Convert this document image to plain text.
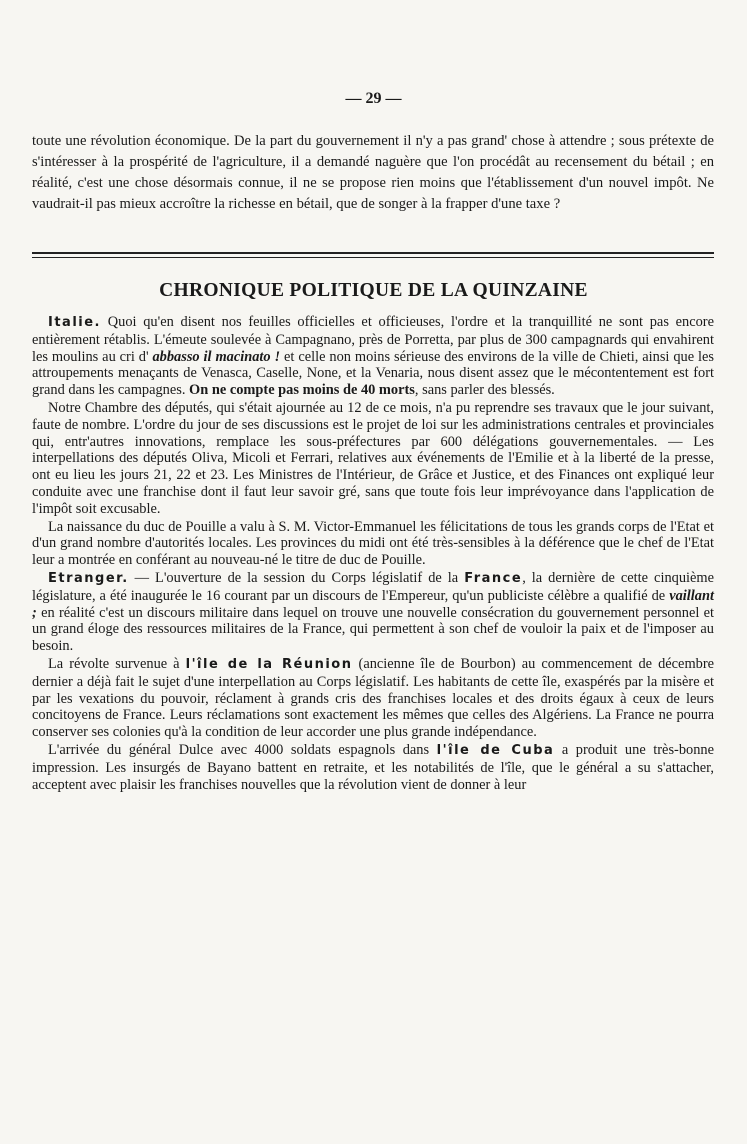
— 29 —
toute une révolution économique. De la part du gouvernement il n'y a pas grand' chose à attendre ; sous prétexte de s'intéresser à la prospérité de l'agriculture, il a demandé naguère que l'on procédât au recensement du bétail ; en réalité, c'est une chose désormais connue, il ne se propose rien moins que l'établissement d'un nouvel impôt. Ne vaudrait-il pas mieux accroître la richesse en bétail, que de songer à la frapper d'une taxe ?
CHRONIQUE POLITIQUE DE LA QUINZAINE

Italie. Quoi qu'en disent nos feuilles officielles et officieuses, l'ordre et la tranquillité ne sont pas encore entièrement rétablis. L'émeute soulevée à Campagnano, près de Porretta, par plus de 300 campagnards qui envahirent les moulins au cri d' abbasso il macinato ! et celle non moins sérieuse des environs de la ville de Chieti, ainsi que les attroupements menaçants de Venasca, Caselle, None, et la Venaria, nous disent assez que le mécontentement est fort grand dans les campagnes. On ne compte pas moins de 40 morts, sans parler des blessés.

Notre Chambre des députés, qui s'était ajournée au 12 de ce mois, n'a pu reprendre ses travaux que le jour suivant, faute de nombre. L'ordre du jour de ses discussions est le projet de loi sur les administrations centrales et provinciales qui, entr'autres innovations, remplace les sous-préfectures par 600 délégations gouvernementales. — Les interpellations des députés Oliva, Micoli et Ferrari, relatives aux événements de l'Emilie et à la liberté de la presse, ont eu lieu les jours 21, 22 et 23. Les Ministres de l'Intérieur, de Grâce et Justice, et des Finances ont expliqué leur conduite avec une franchise dont il faut leur savoir gré, sans que toute fois leur imprévoyance dans l'application de l'impôt soit excusable.

La naissance du duc de Pouille a valu à S. M. Victor-Emmanuel les félicitations de tous les grands corps de l'Etat et d'un grand nombre d'autorités locales. Les provinces du midi ont été très-sensibles à la déférence que le chef de l'Etat leur a montrée en conférant au nouveau-né le titre de duc de Pouille.

Etranger. — L'ouverture de la session du Corps législatif de la France, la dernière de cette cinquième législature, a été inaugurée le 16 courant par un discours de l'Empereur, qu'un publiciste célèbre a qualifié de vaillant ; en réalité c'est un discours militaire dans lequel on trouve une nouvelle consécration du gouvernement personnel et un grand éloge des ressources militaires de la France, qui permettent à son chef de vouloir la paix et de l'imposer au besoin.

La révolte survenue à l'île de la Réunion (ancienne île de Bourbon) au commencement de décembre dernier a déjà fait le sujet d'une interpellation au Corps législatif. Les habitants de cette île, exaspérés par la misère et par les vexations du pouvoir, réclament à grands cris des franchises locales et des droits égaux à ceux de leurs concitoyens de France. Leurs réclamations sont exactement les mêmes que celles des Algériens. La France ne pourra conserver ses colonies qu'à la condition de leur accorder une plus grande indépendance.

L'arrivée du général Dulce avec 4000 soldats espagnols dans l'île de Cuba a produit une très-bonne impression. Les insurgés de Bayano battent en retraite, et les notabilités de l'île, que le général a su s'attacher, acceptent avec plaisir les franchises nouvelles que la révolution vient de donner à leur
